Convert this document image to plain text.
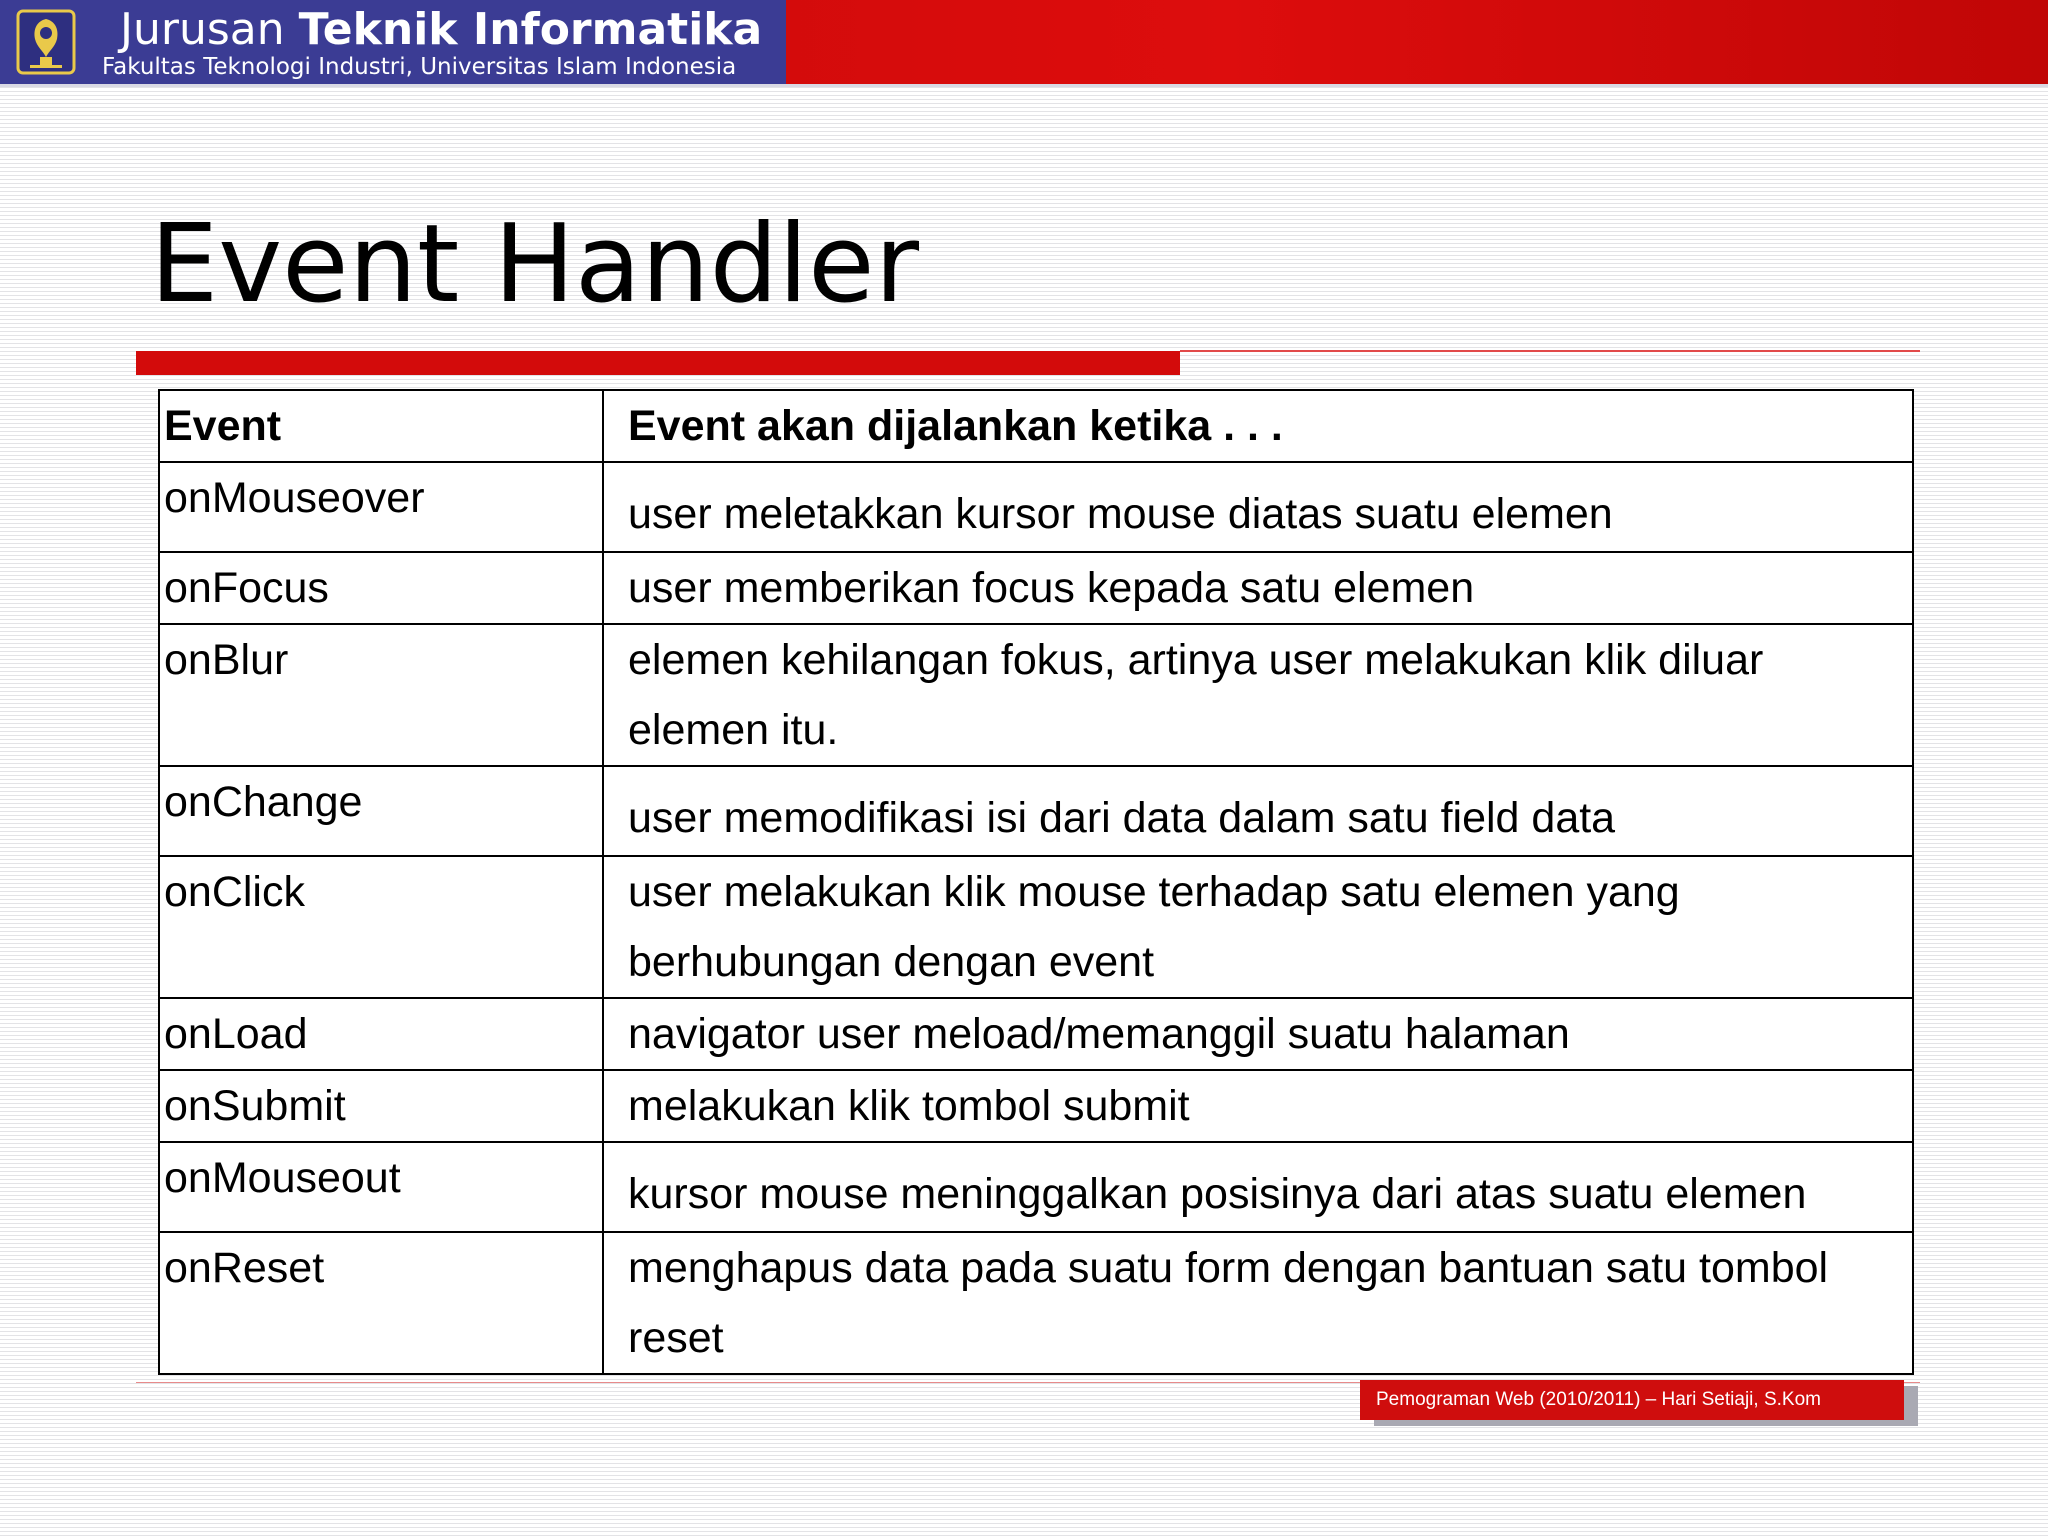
Jurusan Teknik Informatika
Fakultas Teknologi Industri, Universitas Islam Indonesia
Event Handler
Event	Event akan dijalankan ketika . . .
onMouseover	user meletakkan kursor mouse diatas suatu elemen
onFocus	user memberikan focus kepada satu elemen
onBlur	elemen kehilangan fokus, artinya user melakukan klik diluar elemen itu.
onChange	user memodifikasi isi dari data dalam satu field data
onClick	user melakukan klik mouse terhadap satu elemen yang berhubungan dengan event
onLoad	navigator user meload/memanggil suatu halaman
onSubmit	melakukan klik tombol submit
onMouseout	kursor mouse meninggalkan posisinya dari atas suatu elemen
onReset	menghapus data pada suatu form dengan bantuan satu tombol reset
Pemograman Web (2010/2011) – Hari Setiaji, S.Kom
